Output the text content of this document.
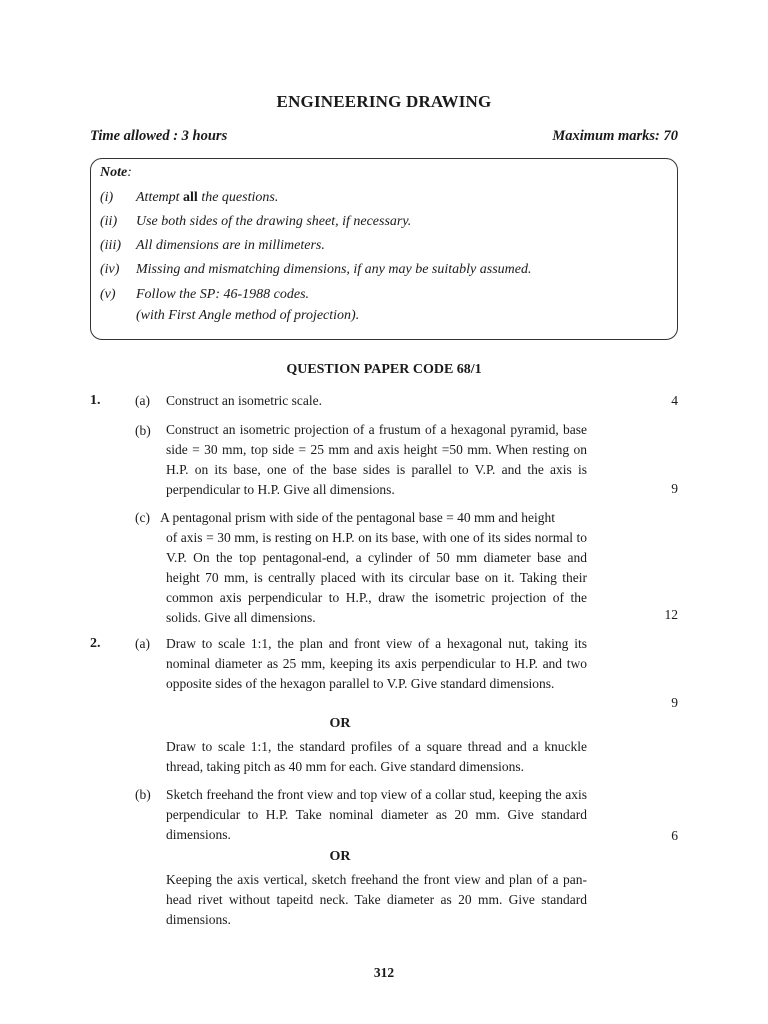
ENGINEERING DRAWING
Time allowed : 3 hours	Maximum marks: 70
Note:
(i) Attempt all the questions.
(ii) Use both sides of the drawing sheet, if necessary.
(iii) All dimensions are in millimeters.
(iv) Missing and mismatching dimensions, if any may be suitably assumed.
(v) Follow the SP: 46-1988 codes.
(with First Angle method of projection).
QUESTION PAPER CODE 68/1
1.	(a) Construct an isometric scale.	4
(b) Construct an isometric projection of a frustum of a hexagonal pyramid, base side = 30 mm, top side = 25 mm and axis height =50 mm. When resting on H.P. on its base, one of the base sides is parallel to V.P. and the axis is perpendicular to H.P. Give all dimensions.	9
(c) A pentagonal prism with side of the pentagonal base = 40 mm and height
of axis = 30 mm, is resting on H.P. on its base, with one of its sides normal to V.P. On the top pentagonal-end, a cylinder of 50 mm diameter base and height 70 mm, is centrally placed with its circular base on it. Taking their common axis perpendicular to H.P., draw the isometric projection of the solids. Give all dimensions.	12
2.	(a) Draw to scale 1:1, the plan and front view of a hexagonal nut, taking its nominal diameter as 25 mm, keeping its axis perpendicular to H.P. and two opposite sides of the hexagon parallel to V.P. Give standard dimensions.
9
OR
Draw to scale 1:1, the standard profiles of a square thread and a knuckle thread, taking pitch as 40 mm for each. Give standard dimensions.
(b) Sketch freehand the front view and top view of a collar stud, keeping the axis perpendicular to H.P. Take nominal diameter as 20 mm. Give standard dimensions.	6
OR
Keeping the axis vertical, sketch freehand the front view and plan of a pan-head rivet without tapeitd neck. Take diameter as 20 mm. Give standard dimensions.
312
